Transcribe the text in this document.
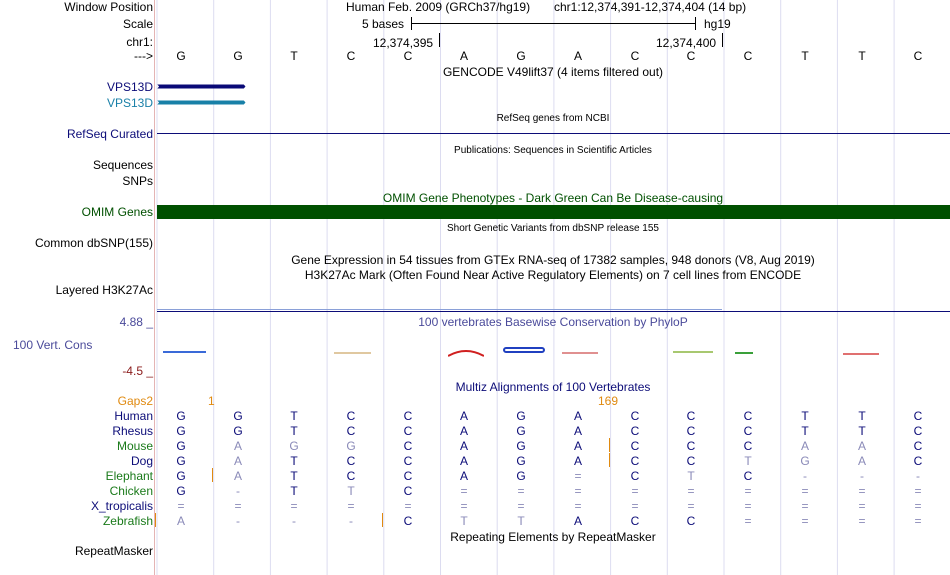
Window Position	Human Feb. 2009 (GRCh37/hg19) chr1:12,374,391-12,374,404 (14 bp)
Scale	5 bases	hg19
chr1:	12,374,395	12,374,400
--->	G	G	T	C	C	A	G	A	C	C	C	T	T	C
GENCODE V49lift37 (4 items filtered out)
VPS13D ››››››››››››››››››››››››››››››››››››››››››››››››››››››››››››››››››››››››››››››››››››››››››››››››››››››››››››››››››››››››››››››››››››››››››››››››››››››››››››››››››››››››››››››››››››››››››››››››››››››››››››››››››››››››››››››››››››››››››››››››››››››››››››››››››››
VPS13D ››››››››››››››››››››››››››››››››››››››››››››››››››››››››››››››››››››››››››››››››››››››››››››››››››››››››››››››››››››››››››››››››››››››››››››››››››››››››››››››››››››››››››››››››››››››››››››››››››››››››››››››››››››››››››››››››››››››››››››››››››››››››››››››››››››
RefSeq genes from NCBI
RefSeq Curated
Publications: Sequences in Scientific Articles
Sequences
SNPs
OMIM Gene Phenotypes - Dark Green Can Be Disease-causing
OMIM Genes
Short Genetic Variants from dbSNP release 155
Common dbSNP(155)
Gene Expression in 54 tissues from GTEx RNA-seq of 17382 samples, 948 donors (V8, Aug 2019)
H3K27Ac Mark (Often Found Near Active Regulatory Elements) on 7 cell lines from ENCODE
Layered H3K27Ac
4.88 _	100 vertebrates Basewise Conservation by PhyloP
100 Vert. Cons
-4.5 _
Multiz Alignments of 100 Vertebrates
Gaps2	1	169
Human	G	G	T	C	C	A	G	A	C	C	C	T	T	C
Rhesus	G	G	T	C	C	A	G	A	C	C	C	T	T	C
Mouse	G	A	G	G	C	A	G	A	C	C	C	A	A	C
Dog	G	A	T	C	C	A	G	A	C	C	T	G	A	C
Elephant	G	A	T	C	C	A	G	=	C	T	C	-	-	-
Chicken	G	-	T	T	C	=	=	=	=	=	=	=	=	=
X_tropicalis	=	=	=	=	=	=	=	=	=	=	=	=	=	=
Zebrafish	A	-	-	-	C	T	T	A	C	C	=	=	=	=
Repeating Elements by RepeatMasker
RepeatMasker
